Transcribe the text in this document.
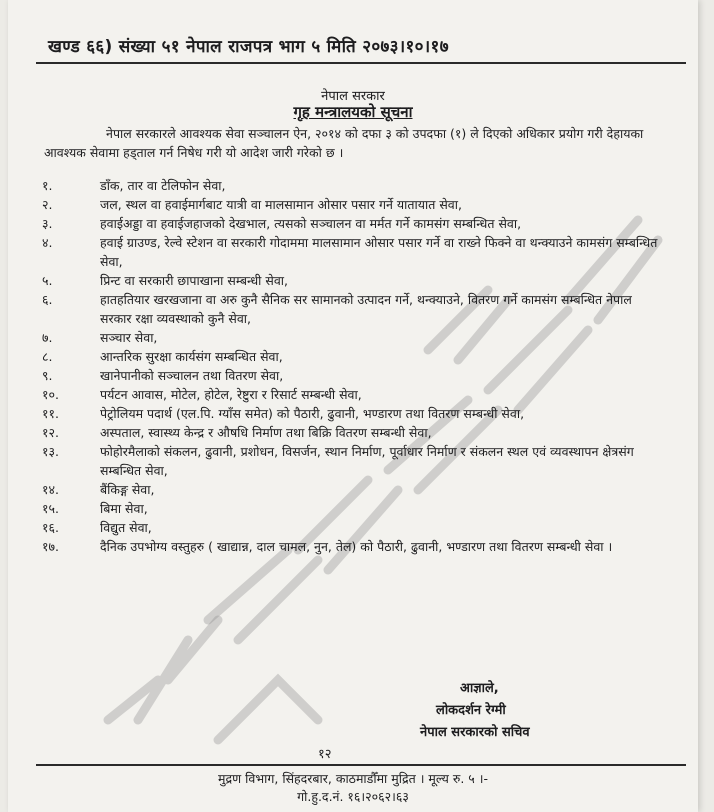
खण्ड ६६) संख्या ५१ नेपाल राजपत्र भाग ५ मिति २०७३।१०।१७
नेपाल सरकार
गृह मन्त्रालयको सूचना
नेपाल सरकारले आवश्यक सेवा सञ्चालन ऐन, २०१४ को दफा ३ को उपदफा (१) ले दिएको अधिकार प्रयोग गरी देहायका आवश्यक सेवामा हड्ताल गर्न निषेध गरी यो आदेश जारी गरेको छ ।
१.	डाँक, तार वा टेलिफोन सेवा,
२.	जल, स्थल वा हवाईमार्गबाट यात्री वा मालसामान ओसार पसार गर्ने यातायात सेवा,
३.	हवाईअड्डा वा हवाईजहाजको देखभाल, त्यसको सञ्चालन वा मर्मत गर्ने कामसंग सम्बन्धित सेवा,
४.	हवाई ग्राउण्ड, रेल्वे स्टेशन वा सरकारी गोदाममा मालसामान ओसार पसार गर्ने वा राख्ने फिक्ने वा थन्क्याउने कामसंग सम्बन्धित सेवा,
५.	प्रिन्ट वा सरकारी छापाखाना सम्बन्धी सेवा,
६.	हातहतियार खरखजाना वा अरु कुनै सैनिक सर सामानको उत्पादन गर्ने, थन्क्याउने, वितरण गर्ने कामसंग सम्बन्धित नेपाल सरकार रक्षा व्यवस्थाको कुनै सेवा,
७.	सञ्चार सेवा,
८.	आन्तरिक सुरक्षा कार्यसंग सम्बन्धित सेवा,
९.	खानेपानीको सञ्चालन तथा वितरण सेवा,
१०.	पर्यटन आवास, मोटेल, होटेल, रेष्टुरा र रिसार्ट सम्बन्धी सेवा,
११.	पेट्रोलियम पदार्थ (एल.पि. ग्याँस समेत) को पैठारी, ढुवानी, भण्डारण तथा वितरण सम्बन्धी सेवा,
१२.	अस्पताल, स्वास्थ्य केन्द्र र औषधि निर्माण तथा बिक्रि वितरण सम्बन्धी सेवा,
१३.	फोहोरमैलाको संकलन, ढुवानी, प्रशोधन, विसर्जन, स्थान निर्माण, पूर्वाधार निर्माण र संकलन स्थल एवं व्यवस्थापन क्षेत्रसंग सम्बन्धित सेवा,
१४.	बैंकिङ्ग सेवा,
१५.	बिमा सेवा,
१६.	विद्युत सेवा,
१७.	दैनिक उपभोग्य वस्तुहरु ( खाद्यान्न, दाल चामल, नुन, तेल) को पैठारी, ढुवानी, भण्डारण तथा वितरण सम्बन्धी सेवा ।
आज्ञाले,
लोकदर्शन रेग्मी
नेपाल सरकारको सचिव
१२
मुद्रण विभाग, सिंहदरबार, काठमाडौँमा मुद्रित । मूल्य रु. ५ ।-
गो.हु.द.नं. १६।२०६२।६३
